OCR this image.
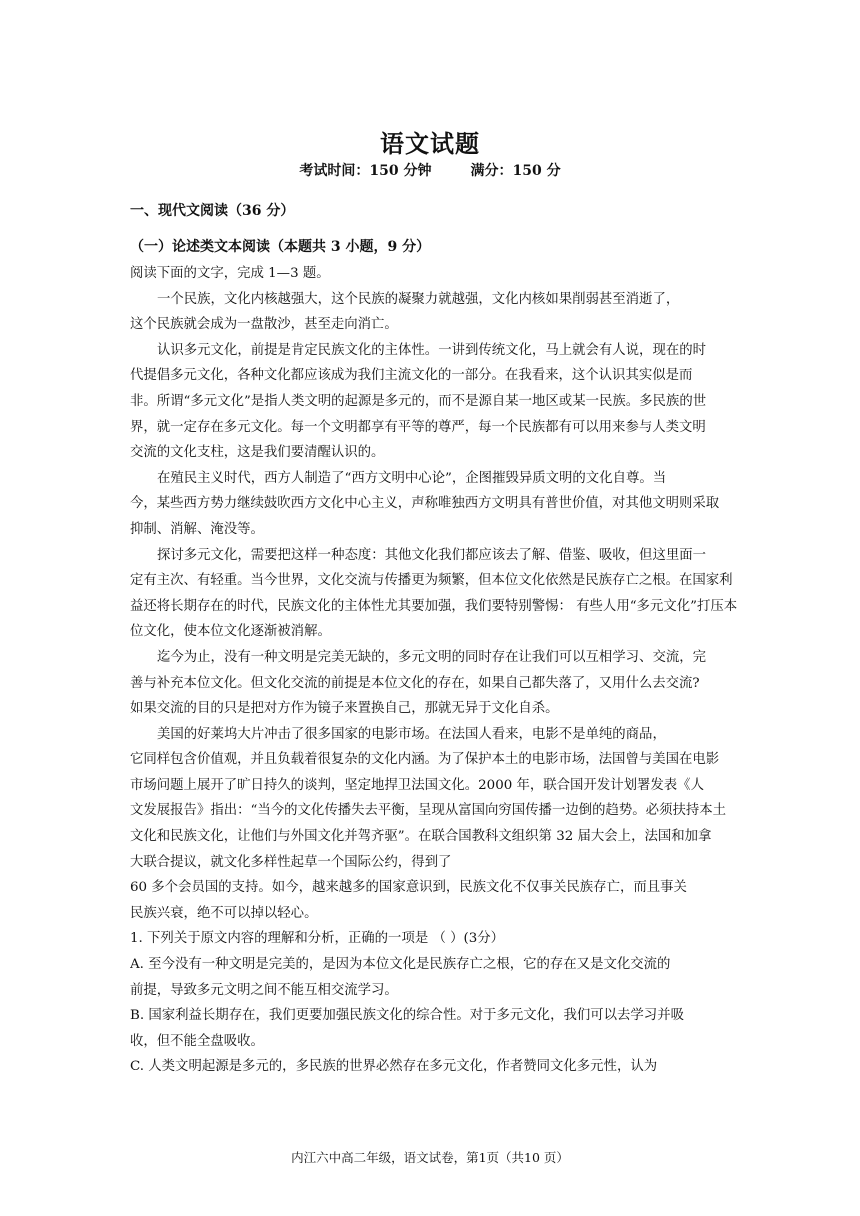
语文试题
考试时间：150 分钟        满分：150 分
一、现代文阅读（36 分）
（一）论述类文本阅读（本题共 3 小题，9 分）
阅读下面的文字，完成 1—3 题。
一个民族，文化内核越强大，这个民族的凝聚力就越强，文化内核如果削弱甚至消逝了，
这个民族就会成为一盘散沙，甚至走向消亡。
认识多元文化，前提是肯定民族文化的主体性。一讲到传统文化，马上就会有人说，现在的时
代提倡多元文化，各种文化都应该成为我们主流文化的一部分。在我看来，这个认识其实似是而
非。所谓“多元文化”是指人类文明的起源是多元的，而不是源自某一地区或某一民族。多民族的世
界，就一定存在多元文化。每一个文明都享有平等的尊严，每一个民族都有可以用来参与人类文明
交流的文化支柱，这是我们要清醒认识的。
在殖民主义时代，西方人制造了“西方文明中心论”，企图摧毁异质文明的文化自尊。当
今，某些西方势力继续鼓吹西方文化中心主义，声称唯独西方文明具有普世价值，对其他文明则采取
抑制、消解、淹没等。
探讨多元文化，需要把这样一种态度：其他文化我们都应该去了解、借鉴、吸收，但这里面一
定有主次、有轻重。当今世界，文化交流与传播更为频繁，但本位文化依然是民族存亡之根。在国家利
益还将长期存在的时代，民族文化的主体性尤其要加强，我们要特别警惕： 有些人用“多元文化”打压本
位文化，使本位文化逐渐被消解。
迄今为止，没有一种文明是完美无缺的，多元文明的同时存在让我们可以互相学习、交流，完
善与补充本位文化。但文化交流的前提是本位文化的存在，如果自己都失落了，又用什么去交流?
如果交流的目的只是把对方作为镜子来置换自己，那就无异于文化自杀。
美国的好莱坞大片冲击了很多国家的电影市场。在法国人看来，电影不是单纯的商品，
它同样包含价值观，并且负载着很复杂的文化内涵。为了保护本土的电影市场，法国曾与美国在电影
市场问题上展开了旷日持久的谈判，坚定地捍卫法国文化。2000 年，联合国开发计划署发表《人
文发展报告》指出：“当今的文化传播失去平衡，呈现从富国向穷国传播一边倒的趋势。必须扶持本土
文化和民族文化，让他们与外国文化并驾齐驱”。在联合国教科文组织第 32 届大会上，法国和加拿
大联合提议，就文化多样性起草一个国际公约，得到了
60 多个会员国的支持。如今，越来越多的国家意识到，民族文化不仅事关民族存亡，而且事关
民族兴衰，绝不可以掉以轻心。
1. 下列关于原文内容的理解和分析，正确的一项是 （ ）(3分）
A. 至今没有一种文明是完美的，是因为本位文化是民族存亡之根，它的存在又是文化交流的
前提，导致多元文明之间不能互相交流学习。
B. 国家利益长期存在，我们更要加强民族文化的综合性。对于多元文化，我们可以去学习并吸
收，但不能全盘吸收。
C. 人类文明起源是多元的，多民族的世界必然存在多元文化，作者赞同文化多元性，认为
内江六中高二年级，语文试卷，第1页（共10 页）
